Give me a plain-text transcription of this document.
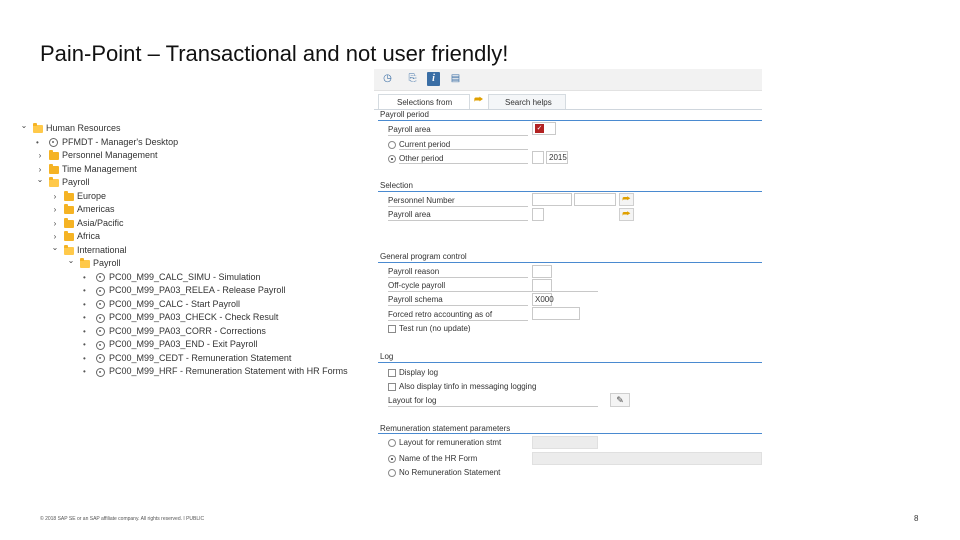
Pain-Point – Transactional and not user friendly!
⌄ Human Resources
•	PFMDT - Manager's Desktop
› Personnel Management
› Time Management
⌄ Payroll
› Europe
› Americas
› Asia/Pacific
› Africa
⌄ International
⌄ Payroll
•	PC00_M99_CALC_SIMU - Simulation
•	PC00_M99_PA03_RELEA - Release Payroll
•	PC00_M99_CALC - Start Payroll
•	PC00_M99_PA03_CHECK - Check Result
•	PC00_M99_PA03_CORR - Corrections
•	PC00_M99_PA03_END - Exit Payroll
•	PC00_M99_CEDT - Remuneration Statement
•	PC00_M99_HRF - Remuneration Statement with HR Forms
◷ ⎘	i	▤
Selections from	⮫	Search helps
Payroll period
Payroll area	✓
Current period
Other period	2015
Selection
Personnel Number	⮫
Payroll area	⮫
General program control
Payroll reason
Off-cycle payroll
Payroll schema	X000
Forced retro accounting as of
Test run (no update)
Log
Display log
Also display tinfo in messaging logging
Layout for log	✎
Remuneration statement parameters
Layout for remuneration stmt
Name of the HR Form
No Remuneration Statement
© 2018 SAP SE or an SAP affiliate company. All rights reserved. ǀ PUBLIC	8
